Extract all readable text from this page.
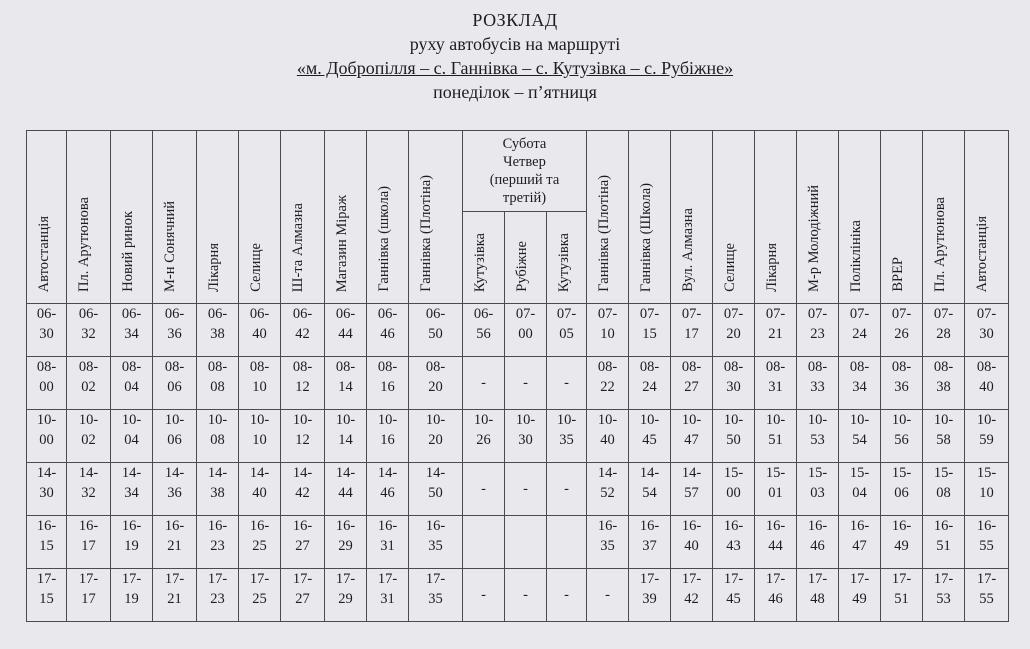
РОЗКЛАД
руху автобусів на маршруті
«м. Добропілля – с. Ганнівка – с. Кутузівка – с. Рубіжне»
понеділок – п’ятниця
Автостанція	Пл. Арутюнова	Новий ринок	М-н Сонячний	Лікарня	Селище	Ш-та Алмазна	Магазин Міраж	Ганнівка (школа)	Ганнівка (Плотіна)	Субота
Четвер
(перший та
третій)			Ганнівка (Плотіна)	Ганнівка (Школа)	Вул. Алмазна	Селище	Лікарня	М-р Молодіжний	Поліклініка	ВРЕР	Пл. Арутюнова	Автостанція
										Кутузівка	Рубіжне	Кутузівка										

06-
30	06-
32	06-
34	06-
36	06-
38	06-
40	06-
42	06-
44	06-
46	06-
50	06-
56	07-
00	07-
05	07-
10	07-
15	07-
17	07-
20	07-
21	07-
23	07-
24	07-
26	07-
28	07-
30

08-
00	08-
02	08-
04	08-
06	08-
08	08-
10	08-
12	08-
14	08-
16	08-
20	-	-	-	08-
22	08-
24	08-
27	08-
30	08-
31	08-
33	08-
34	08-
36	08-
38	08-
40

10-
00	10-
02	10-
04	10-
06	10-
08	10-
10	10-
12	10-
14	10-
16	10-
20	10-
26	10-
30	10-
35	10-
40	10-
45	10-
47	10-
50	10-
51	10-
53	10-
54	10-
56	10-
58	10-
59

14-
30	14-
32	14-
34	14-
36	14-
38	14-
40	14-
42	14-
44	14-
46	14-
50	-	-	-	14-
52	14-
54	14-
57	15-
00	15-
01	15-
03	15-
04	15-
06	15-
08	15-
10

16-
15	16-
17	16-
19	16-
21	16-
23	16-
25	16-
27	16-
29	16-
31	16-
35				16-
35	16-
37	16-
40	16-
43	16-
44	16-
46	16-
47	16-
49	16-
51	16-
55

17-
15	17-
17	17-
19	17-
21	17-
23	17-
25	17-
27	17-
29	17-
31	17-
35	-	-	-	-	17-
39	17-
42	17-
45	17-
46	17-
48	17-
49	17-
51	17-
53	17-
55
